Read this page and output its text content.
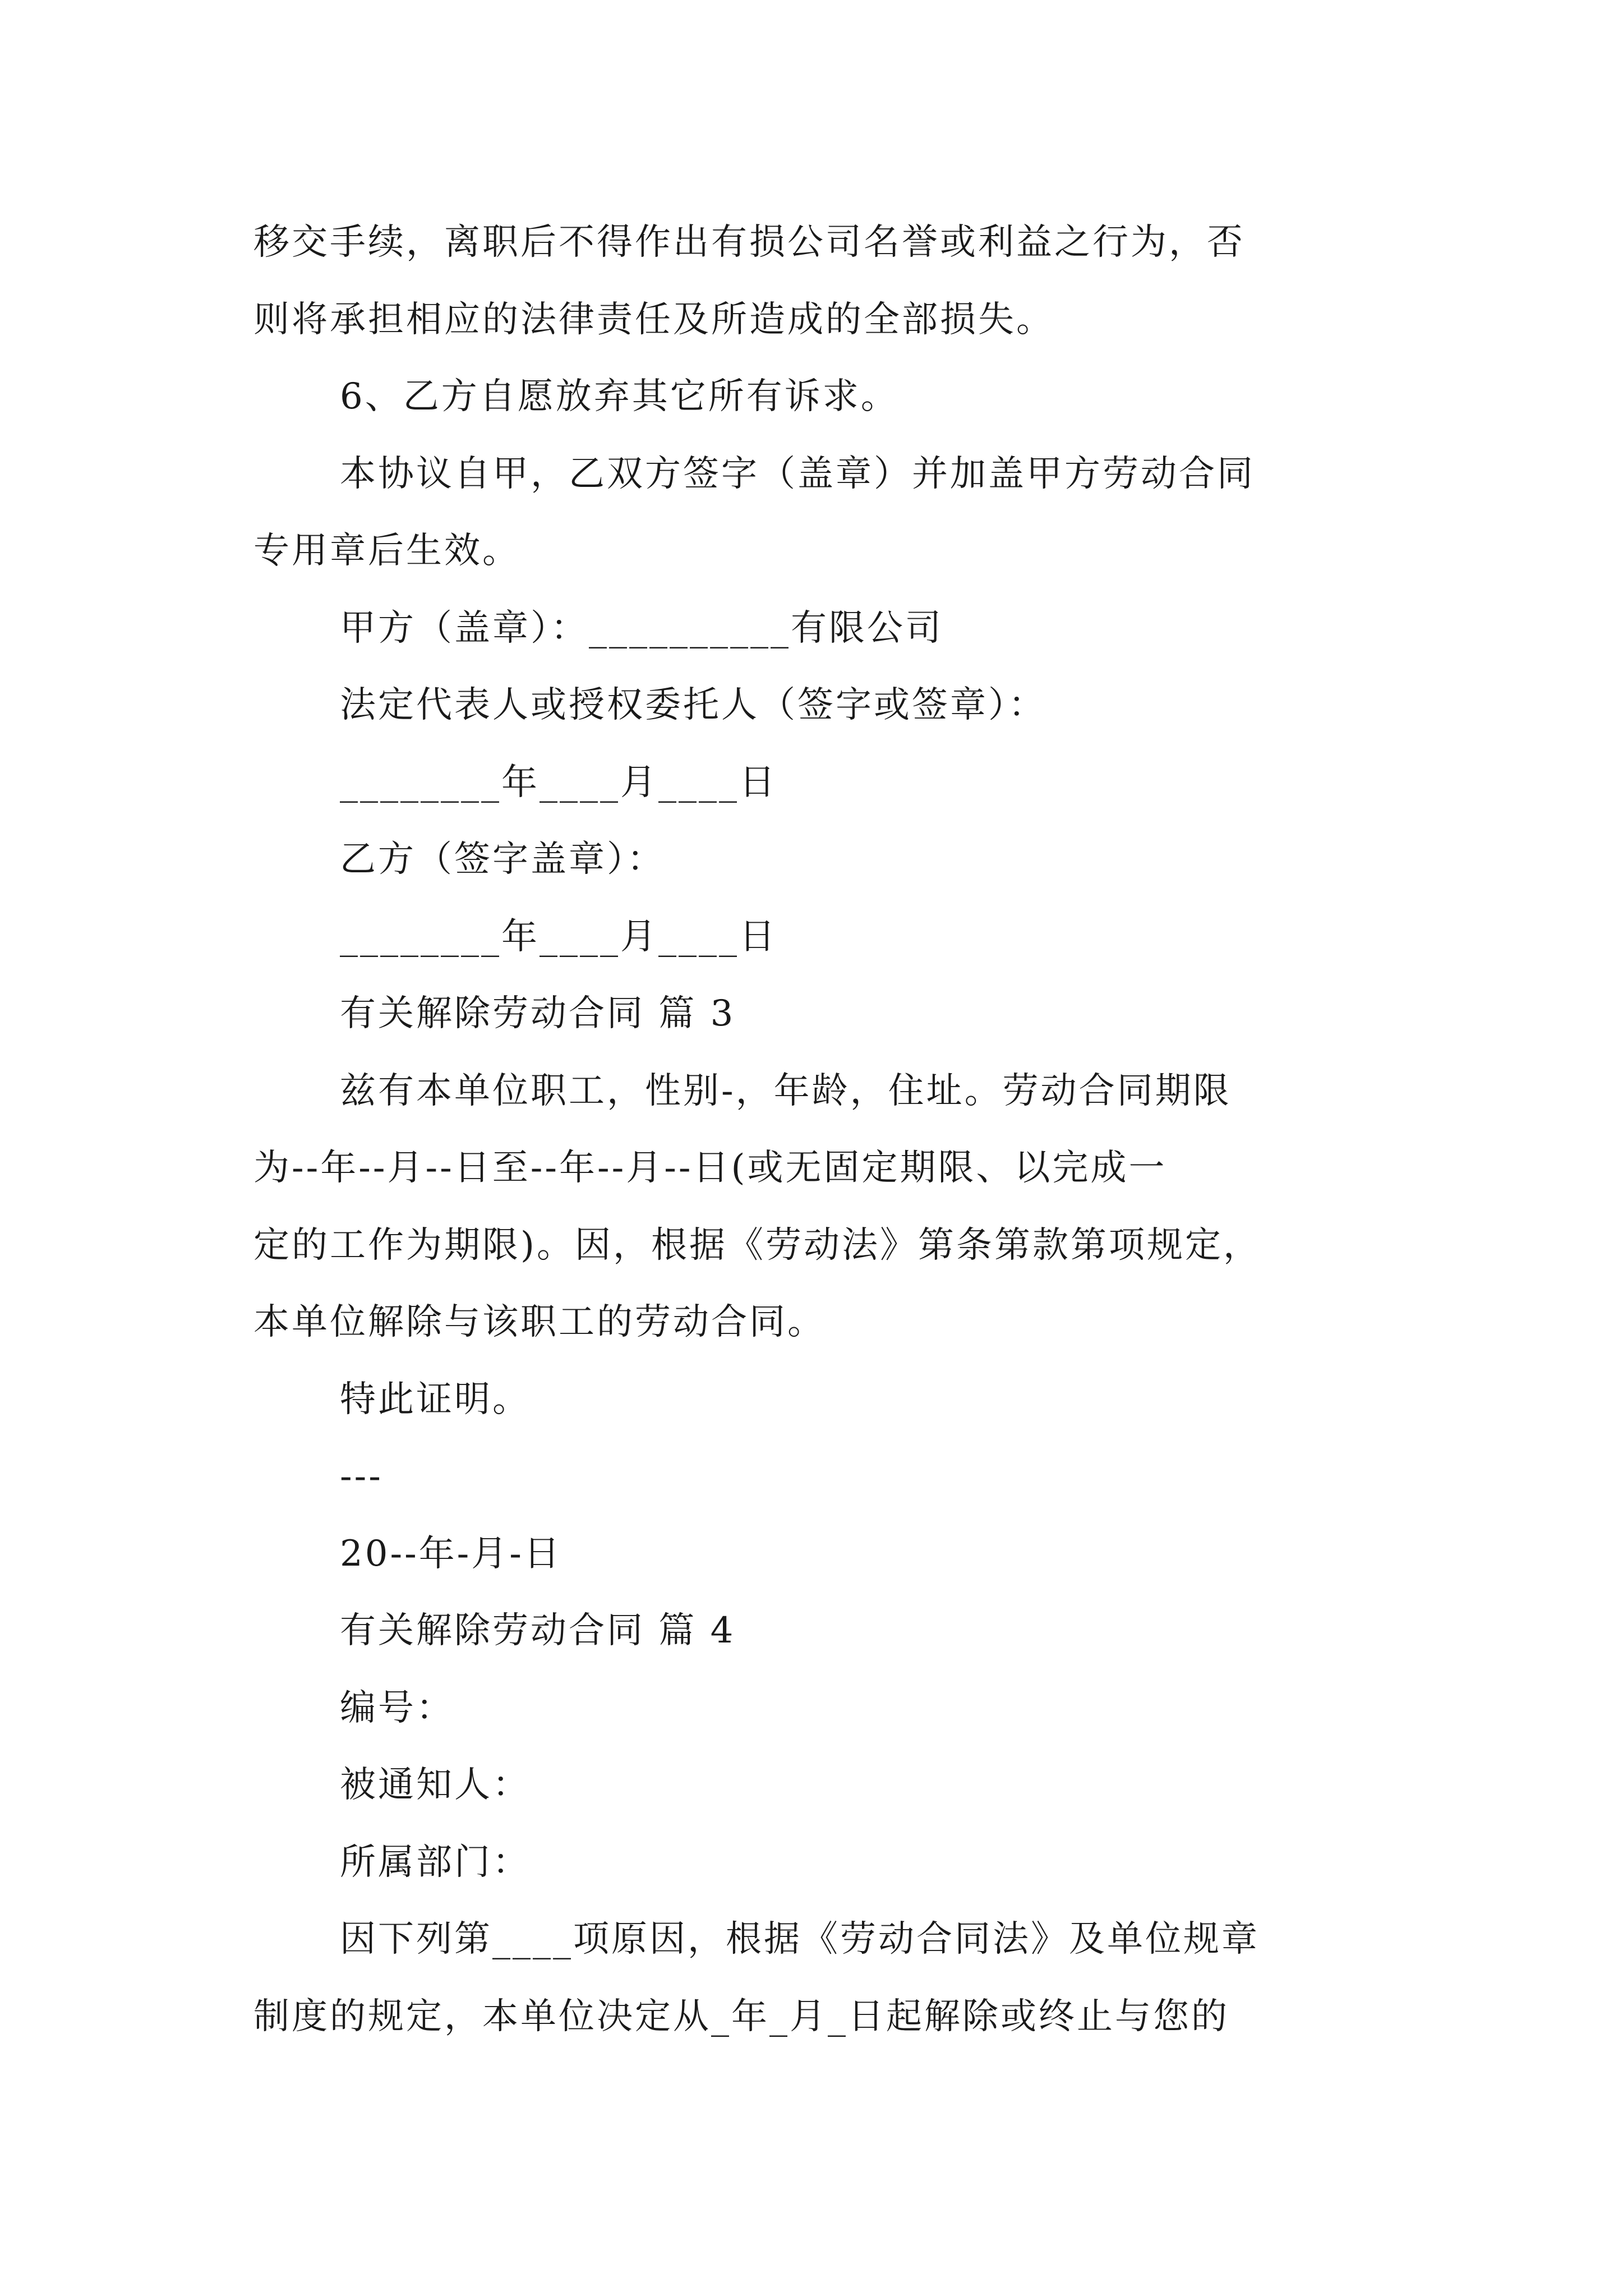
移交手续，离职后不得作出有损公司名誉或利益之行为，否
则将承担相应的法律责任及所造成的全部损失。
6、乙方自愿放弃其它所有诉求。
本协议自甲，乙双方签字（盖章）并加盖甲方劳动合同
专用章后生效。
甲方（盖章）：__________有限公司
法定代表人或授权委托人（签字或签章）：
________年____月____日
乙方（签字盖章）：
________年____月____日
有关解除劳动合同 篇 3
兹有本单位职工，性别-，年龄，住址。劳动合同期限
为--年--月--日至--年--月--日(或无固定期限、以完成一
定的工作为期限)。因，根据《劳动法》第条第款第项规定，
本单位解除与该职工的劳动合同。
特此证明。
---
20--年-月-日
有关解除劳动合同 篇 4
编号：
被通知人：
所属部门：
因下列第____项原因，根据《劳动合同法》及单位规章
制度的规定，本单位决定从_年_月_日起解除或终止与您的
